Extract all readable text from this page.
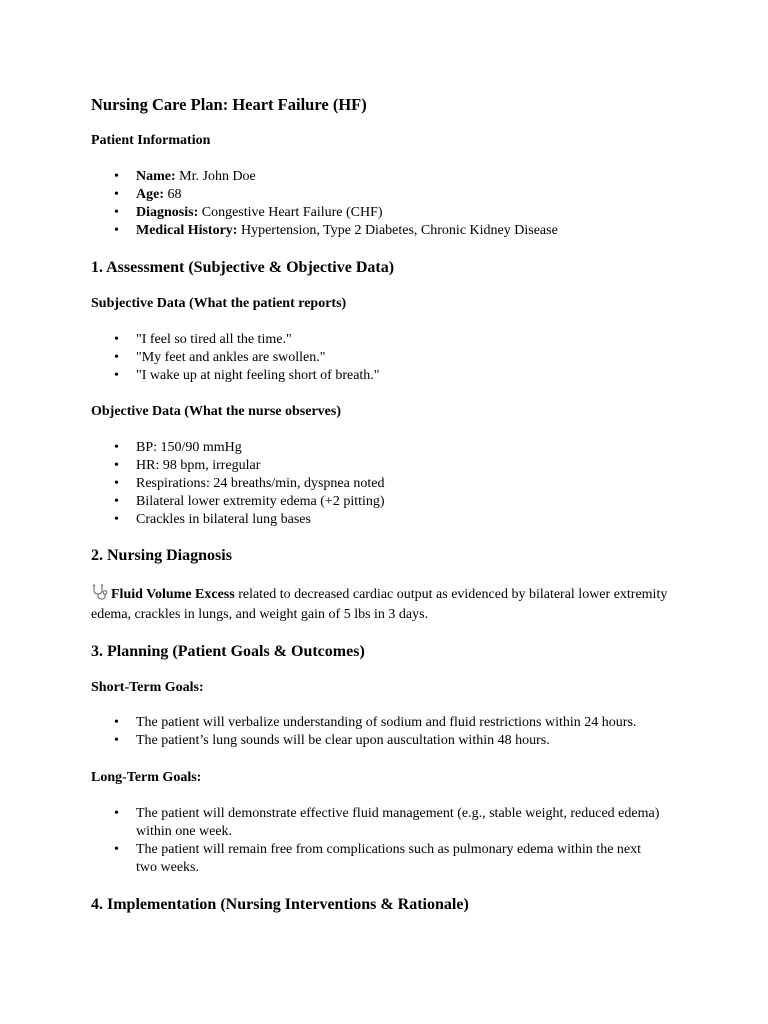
Nursing Care Plan: Heart Failure (HF)
Patient Information
• Name: Mr. John Doe
• Age: 68
• Diagnosis: Congestive Heart Failure (CHF)
• Medical History: Hypertension, Type 2 Diabetes, Chronic Kidney Disease
1. Assessment (Subjective & Objective Data)
Subjective Data (What the patient reports)
• "I feel so tired all the time."
• "My feet and ankles are swollen."
• "I wake up at night feeling short of breath."
Objective Data (What the nurse observes)
• BP: 150/90 mmHg
• HR: 98 bpm, irregular
• Respirations: 24 breaths/min, dyspnea noted
• Bilateral lower extremity edema (+2 pitting)
• Crackles in bilateral lung bases
2. Nursing Diagnosis

Fluid Volume Excess related to decreased cardiac output as evidenced by bilateral lower extremity edema, crackles in lungs, and weight gain of 5 lbs in 3 days.

3. Planning (Patient Goals & Outcomes)
Short-Term Goals:
• The patient will verbalize understanding of sodium and fluid restrictions within 24 hours.
• The patient’s lung sounds will be clear upon auscultation within 48 hours.
Long-Term Goals:
• The patient will demonstrate effective fluid management (e.g., stable weight, reduced edema) within one week.
• The patient will remain free from complications such as pulmonary edema within the next two weeks.
4. Implementation (Nursing Interventions & Rationale)
